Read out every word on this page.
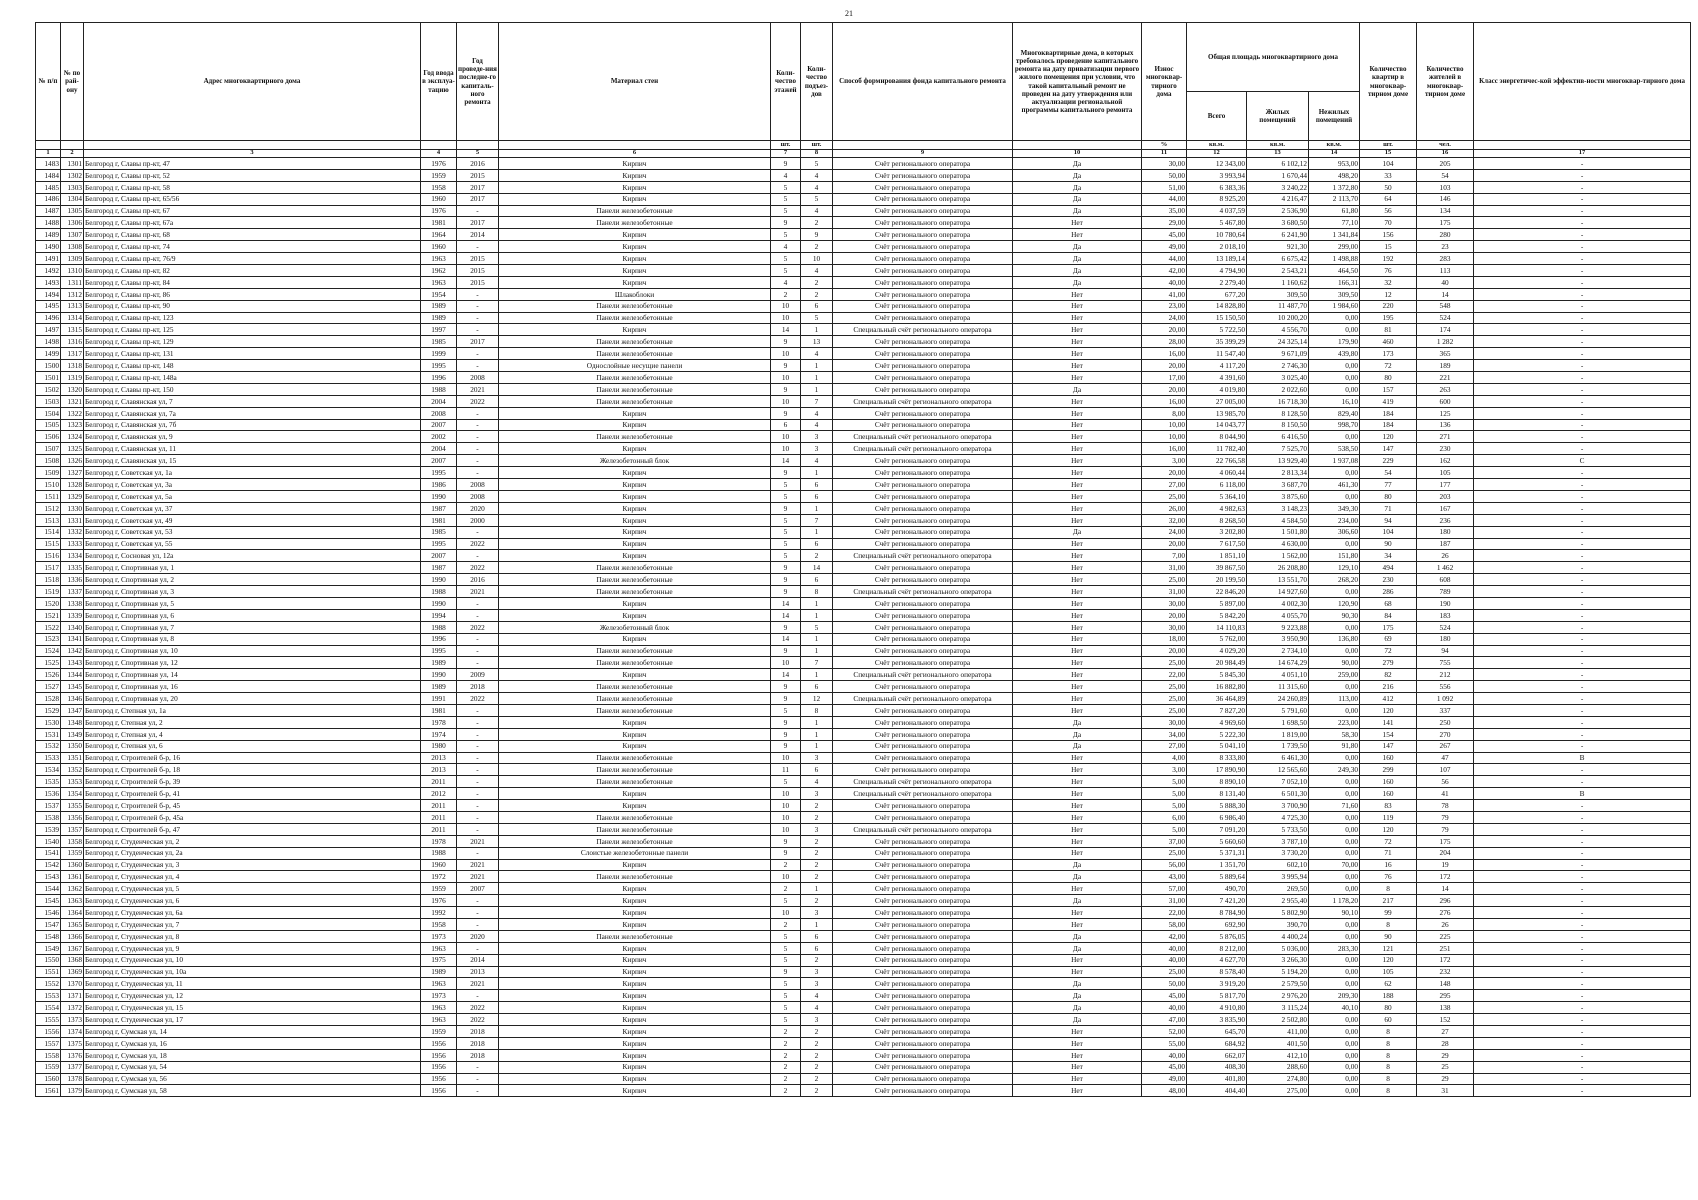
21
№ п/п	№ по рай-ону	Адрес многоквартирного дома	Год ввода в эксплуа-тацию	Год проведе-ния последне-го капиталь-ного ремонта	Материал стен	Коли-чество этажей	Коли-чество подъез-дов	Способ формирования фонда капитального ремонта	Многоквартирные дома, в которых требовалось проведение капитального ремонта на дату приватизации первого жилого помещения при условии, что такой капитальный ремонт не проведен на дату утверждения или актуализации региональной программы капитального ремонта	Износ многоквар-тирного дома	Общая площадь многоквартирного дома			Количество квартир в многоквар-тирном доме	Количество жителей в многоквар-тирном доме	Класс энергетичес-кой эффектив-ности многоквар-тирного дома
											Всего	Жилых помещений	Нежилых помещений			
						шт.	шт.			%	кв.м.	кв.м.	кв.м.	шт.	чел.	
1	2	3	4	5	6	7	8	9	10	11	12	13	14	15	16	17
1483	1301	Белгород г, Славы пр-кт, 47	1976	2016	Кирпич	9	5	Счёт регионального оператора	Да	30,00	12 343,00	6 102,12	953,00	104	205	-
1484	1302	Белгород г, Славы пр-кт, 52	1959	2015	Кирпич	4	4	Счёт регионального оператора	Да	50,00	3 993,94	1 670,44	498,20	33	54	-
1485	1303	Белгород г, Славы пр-кт, 58	1958	2017	Кирпич	5	4	Счёт регионального оператора	Да	51,00	6 383,36	3 240,22	1 372,80	50	103	-
1486	1304	Белгород г, Славы пр-кт, 65/56	1960	2017	Кирпич	5	5	Счёт регионального оператора	Да	44,00	8 925,20	4 216,47	2 113,70	64	146	-
1487	1305	Белгород г, Славы пр-кт, 67	1976	-	Панели железобетонные	5	4	Счёт регионального оператора	Да	35,00	4 037,59	2 536,90	61,80	56	134	-
1488	1306	Белгород г, Славы пр-кт, 67а	1981	2017	Панели железобетонные	9	2	Счёт регионального оператора	Нет	29,00	5 467,80	3 680,50	77,10	70	175	-
1489	1307	Белгород г, Славы пр-кт, 68	1964	2014	Кирпич	5	9	Счёт регионального оператора	Нет	45,00	10 780,64	6 241,90	1 341,84	156	280	-
1490	1308	Белгород г, Славы пр-кт, 74	1960	-	Кирпич	4	2	Счёт регионального оператора	Да	49,00	2 018,10	921,30	299,00	15	23	-
1491	1309	Белгород г, Славы пр-кт, 76/9	1963	2015	Кирпич	5	10	Счёт регионального оператора	Да	44,00	13 189,14	6 675,42	1 498,88	192	283	-
1492	1310	Белгород г, Славы пр-кт, 82	1962	2015	Кирпич	5	4	Счёт регионального оператора	Да	42,00	4 794,90	2 543,21	464,50	76	113	-
1493	1311	Белгород г, Славы пр-кт, 84	1963	2015	Кирпич	4	2	Счёт регионального оператора	Да	40,00	2 279,40	1 160,62	166,31	32	40	-
1494	1312	Белгород г, Славы пр-кт, 86	1954	-	Шлакоблоки	2	2	Счёт регионального оператора	Нет	41,00	677,20	309,50	309,50	12	14	-
1495	1313	Белгород г, Славы пр-кт, 90	1989	-	Панели железобетонные	10	6	Счёт регионального оператора	Нет	23,00	14 828,80	11 487,70	1 984,60	220	548	-
1496	1314	Белгород г, Славы пр-кт, 123	1989	-	Панели железобетонные	10	5	Счёт регионального оператора	Нет	24,00	15 150,50	10 200,20	0,00	195	524	-
1497	1315	Белгород г, Славы пр-кт, 125	1997	-	Кирпич	14	1	Специальный счёт регионального оператора	Нет	20,00	5 722,50	4 556,70	0,00	81	174	-
1498	1316	Белгород г, Славы пр-кт, 129	1985	2017	Панели железобетонные	9	13	Счёт регионального оператора	Нет	28,00	35 399,29	24 325,14	179,90	460	1 282	-
1499	1317	Белгород г, Славы пр-кт, 131	1999	-	Панели железобетонные	10	4	Счёт регионального оператора	Нет	16,00	11 547,40	9 671,09	439,80	173	365	-
1500	1318	Белгород г, Славы пр-кт, 148	1995	-	Однослойные несущие панели	9	1	Счёт регионального оператора	Нет	20,00	4 117,20	2 746,30	0,00	72	189	-
1501	1319	Белгород г, Славы пр-кт, 148а	1996	2008	Панели железобетонные	10	1	Счёт регионального оператора	Нет	17,00	4 391,60	3 025,40	0,00	80	221	-
1502	1320	Белгород г, Славы пр-кт, 150	1988	2021	Панели железобетонные	9	1	Счёт регионального оператора	Да	20,00	4 019,80	2 022,60	0,00	157	263	-
1503	1321	Белгород г, Славянская ул, 7	2004	2022	Панели железобетонные	10	7	Специальный счёт регионального оператора	Нет	16,00	27 005,00	16 718,30	16,10	419	600	-
1504	1322	Белгород г, Славянская ул, 7а	2008	-	Кирпич	9	4	Счёт регионального оператора	Нет	8,00	13 985,70	8 128,50	829,40	184	125	-
1505	1323	Белгород г, Славянская ул, 7б	2007	-	Кирпич	6	4	Счёт регионального оператора	Нет	10,00	14 043,77	8 150,50	998,70	184	136	-
1506	1324	Белгород г, Славянская ул, 9	2002	-	Панели железобетонные	10	3	Специальный счёт регионального оператора	Нет	10,00	8 044,90	6 416,50	0,00	120	271	-
1507	1325	Белгород г, Славянская ул, 11	2004	-	Кирпич	10	3	Специальный счёт регионального оператора	Нет	16,00	11 782,40	7 525,70	538,50	147	230	-
1508	1326	Белгород г, Славянская ул, 15	2007	-	Железобетонный блок	14	4	Счёт регионального оператора	Нет	3,00	22 766,58	13 929,40	1 937,08	229	162	C
1509	1327	Белгород г, Советская ул, 1а	1995	-	Кирпич	9	1	Счёт регионального оператора	Нет	20,00	4 060,44	2 813,34	0,00	54	105	-
1510	1328	Белгород г, Советская ул, 3а	1986	2008	Кирпич	5	6	Счёт регионального оператора	Нет	27,00	6 118,00	3 687,70	461,30	77	177	-
1511	1329	Белгород г, Советская ул, 5а	1990	2008	Кирпич	5	6	Счёт регионального оператора	Нет	25,00	5 364,10	3 875,60	0,00	80	203	-
1512	1330	Белгород г, Советская ул, 37	1987	2020	Кирпич	9	1	Счёт регионального оператора	Нет	26,00	4 982,63	3 148,23	349,30	71	167	-
1513	1331	Белгород г, Советская ул, 49	1981	2000	Кирпич	5	7	Счёт регионального оператора	Нет	32,00	8 268,50	4 584,50	234,00	94	236	-
1514	1332	Белгород г, Советская ул, 53	1985	-	Кирпич	5	1	Счёт регионального оператора	Да	24,00	3 202,80	1 501,80	306,60	104	180	-
1515	1333	Белгород г, Советская ул, 55	1995	2022	Кирпич	5	6	Счёт регионального оператора	Нет	20,00	7 617,50	4 630,00	0,00	90	187	-
1516	1334	Белгород г, Сосновая ул, 12а	2007	-	Кирпич	5	2	Специальный счёт регионального оператора	Нет	7,00	1 851,10	1 562,00	151,80	34	26	-
1517	1335	Белгород г, Спортивная ул, 1	1987	2022	Панели железобетонные	9	14	Счёт регионального оператора	Нет	31,00	39 867,50	26 208,80	129,10	494	1 462	-
1518	1336	Белгород г, Спортивная ул, 2	1990	2016	Панели железобетонные	9	6	Счёт регионального оператора	Нет	25,00	20 199,50	13 551,70	268,20	230	608	-
1519	1337	Белгород г, Спортивная ул, 3	1988	2021	Панели железобетонные	9	8	Специальный счёт регионального оператора	Нет	31,00	22 846,20	14 927,60	0,00	286	789	-
1520	1338	Белгород г, Спортивная ул, 5	1990	-	Кирпич	14	1	Счёт регионального оператора	Нет	30,00	5 897,00	4 002,30	120,90	68	190	-
1521	1339	Белгород г, Спортивная ул, 6	1994	-	Кирпич	14	1	Счёт регионального оператора	Нет	20,00	5 842,20	4 055,70	90,30	84	183	-
1522	1340	Белгород г, Спортивная ул, 7	1988	2022	Железобетонный блок	9	5	Счёт регионального оператора	Нет	30,00	14 110,83	9 223,88	0,00	175	524	-
1523	1341	Белгород г, Спортивная ул, 8	1996	-	Кирпич	14	1	Счёт регионального оператора	Нет	18,00	5 762,00	3 950,90	136,80	69	180	-
1524	1342	Белгород г, Спортивная ул, 10	1995	-	Панели железобетонные	9	1	Счёт регионального оператора	Нет	20,00	4 029,20	2 734,10	0,00	72	94	-
1525	1343	Белгород г, Спортивная ул, 12	1989	-	Панели железобетонные	10	7	Счёт регионального оператора	Нет	25,00	20 984,49	14 674,29	90,00	279	755	-
1526	1344	Белгород г, Спортивная ул, 14	1990	2009	Кирпич	14	1	Специальный счёт регионального оператора	Нет	22,00	5 845,30	4 051,10	259,00	82	212	-
1527	1345	Белгород г, Спортивная ул, 16	1989	2018	Панели железобетонные	9	6	Счёт регионального оператора	Нет	25,00	16 882,80	11 315,60	0,00	216	556	-
1528	1346	Белгород г, Спортивная ул, 20	1991	2022	Панели железобетонные	9	12	Специальный счёт регионального оператора	Нет	25,00	36 464,89	24 260,89	113,00	412	1 092	-
1529	1347	Белгород г, Степная ул, 1а	1981	-	Панели железобетонные	5	8	Счёт регионального оператора	Нет	25,00	7 827,20	5 791,60	0,00	120	337	-
1530	1348	Белгород г, Степная ул, 2	1978	-	Кирпич	9	1	Счёт регионального оператора	Да	30,00	4 969,60	1 698,50	223,00	141	250	-
1531	1349	Белгород г, Степная ул, 4	1974	-	Кирпич	9	1	Счёт регионального оператора	Да	34,00	5 222,30	1 819,00	58,30	154	270	-
1532	1350	Белгород г, Степная ул, 6	1980	-	Кирпич	9	1	Счёт регионального оператора	Да	27,00	5 041,10	1 739,50	91,80	147	267	-
1533	1351	Белгород г, Строителей б-р, 16	2013	-	Панели железобетонные	10	3	Счёт регионального оператора	Нет	4,00	8 333,80	6 461,30	0,00	160	47	B
1534	1352	Белгород г, Строителей б-р, 18	2013	-	Панели железобетонные	11	6	Счёт регионального оператора	Нет	3,00	17 890,90	12 565,60	249,30	299	107	-
1535	1353	Белгород г, Строителей б-р, 39	2011	-	Панели железобетонные	5	4	Специальный счёт регионального оператора	Нет	5,00	8 890,10	7 052,10	0,00	160	56	-
1536	1354	Белгород г, Строителей б-р, 41	2012	-	Кирпич	10	3	Специальный счёт регионального оператора	Нет	5,00	8 131,40	6 501,30	0,00	160	41	B
1537	1355	Белгород г, Строителей б-р, 45	2011	-	Кирпич	10	2	Счёт регионального оператора	Нет	5,00	5 888,30	3 700,90	71,60	83	78	-
1538	1356	Белгород г, Строителей б-р, 45а	2011	-	Панели железобетонные	10	2	Счёт регионального оператора	Нет	6,00	6 986,40	4 725,30	0,00	119	79	-
1539	1357	Белгород г, Строителей б-р, 47	2011	-	Панели железобетонные	10	3	Специальный счёт регионального оператора	Нет	5,00	7 091,20	5 733,50	0,00	120	79	-
1540	1358	Белгород г, Студенческая ул, 2	1978	2021	Панели железобетонные	9	2	Счёт регионального оператора	Нет	37,00	5 660,60	3 787,10	0,00	72	175	-
1541	1359	Белгород г, Студенческая ул, 2а	1988	-	Слоистые железобетонные панели	9	2	Счёт регионального оператора	Нет	25,00	5 371,31	3 730,20	0,00	71	204	-
1542	1360	Белгород г, Студенческая ул, 3	1960	2021	Кирпич	2	2	Счёт регионального оператора	Да	56,00	1 351,70	602,10	70,00	16	19	-
1543	1361	Белгород г, Студенческая ул, 4	1972	2021	Панели железобетонные	10	2	Счёт регионального оператора	Да	43,00	5 889,64	3 995,94	0,00	76	172	-
1544	1362	Белгород г, Студенческая ул, 5	1959	2007	Кирпич	2	1	Счёт регионального оператора	Нет	57,00	490,70	269,50	0,00	8	14	-
1545	1363	Белгород г, Студенческая ул, 6	1976	-	Кирпич	5	2	Счёт регионального оператора	Да	31,00	7 421,20	2 955,40	1 178,20	217	296	-
1546	1364	Белгород г, Студенческая ул, 6а	1992	-	Кирпич	10	3	Счёт регионального оператора	Нет	22,00	8 784,90	5 802,90	90,10	99	276	-
1547	1365	Белгород г, Студенческая ул, 7	1958	-	Кирпич	2	1	Счёт регионального оператора	Нет	58,00	692,90	390,70	0,00	8	26	-
1548	1366	Белгород г, Студенческая ул, 8	1973	2020	Панели железобетонные	5	6	Счёт регионального оператора	Да	42,00	5 876,05	4 400,24	0,00	90	225	-
1549	1367	Белгород г, Студенческая ул, 9	1963	-	Кирпич	5	6	Счёт регионального оператора	Да	40,00	8 212,00	5 036,00	283,30	121	251	-
1550	1368	Белгород г, Студенческая ул, 10	1975	2014	Кирпич	5	2	Счёт регионального оператора	Нет	40,00	4 627,70	3 266,30	0,00	120	172	-
1551	1369	Белгород г, Студенческая ул, 10а	1989	2013	Кирпич	9	3	Счёт регионального оператора	Нет	25,00	8 578,40	5 194,20	0,00	105	232	-
1552	1370	Белгород г, Студенческая ул, 11	1963	2021	Кирпич	5	3	Счёт регионального оператора	Да	50,00	3 919,20	2 579,50	0,00	62	148	-
1553	1371	Белгород г, Студенческая ул, 12	1973	-	Кирпич	5	4	Счёт регионального оператора	Да	45,00	5 817,70	2 976,20	209,30	188	295	-
1554	1372	Белгород г, Студенческая ул, 15	1963	2022	Кирпич	5	4	Счёт регионального оператора	Да	40,00	4 910,80	3 115,24	40,10	80	138	-
1555	1373	Белгород г, Студенческая ул, 17	1963	2022	Кирпич	5	3	Счёт регионального оператора	Да	47,00	3 835,90	2 502,80	0,00	60	152	-
1556	1374	Белгород г, Сумская ул, 14	1959	2018	Кирпич	2	2	Счёт регионального оператора	Нет	52,00	645,70	411,00	0,00	8	27	-
1557	1375	Белгород г, Сумская ул, 16	1956	2018	Кирпич	2	2	Счёт регионального оператора	Нет	55,00	684,92	401,50	0,00	8	28	-
1558	1376	Белгород г, Сумская ул, 18	1956	2018	Кирпич	2	2	Счёт регионального оператора	Нет	40,00	662,07	412,10	0,00	8	29	-
1559	1377	Белгород г, Сумская ул, 54	1956	-	Кирпич	2	2	Счёт регионального оператора	Нет	45,00	408,30	288,60	0,00	8	25	-
1560	1378	Белгород г, Сумская ул, 56	1956	-	Кирпич	2	2	Счёт регионального оператора	Нет	49,00	401,80	274,80	0,00	8	29	-
1561	1379	Белгород г, Сумская ул, 58	1956	-	Кирпич	2	2	Счёт регионального оператора	Нет	48,00	404,40	275,00	0,00	8	31	-
